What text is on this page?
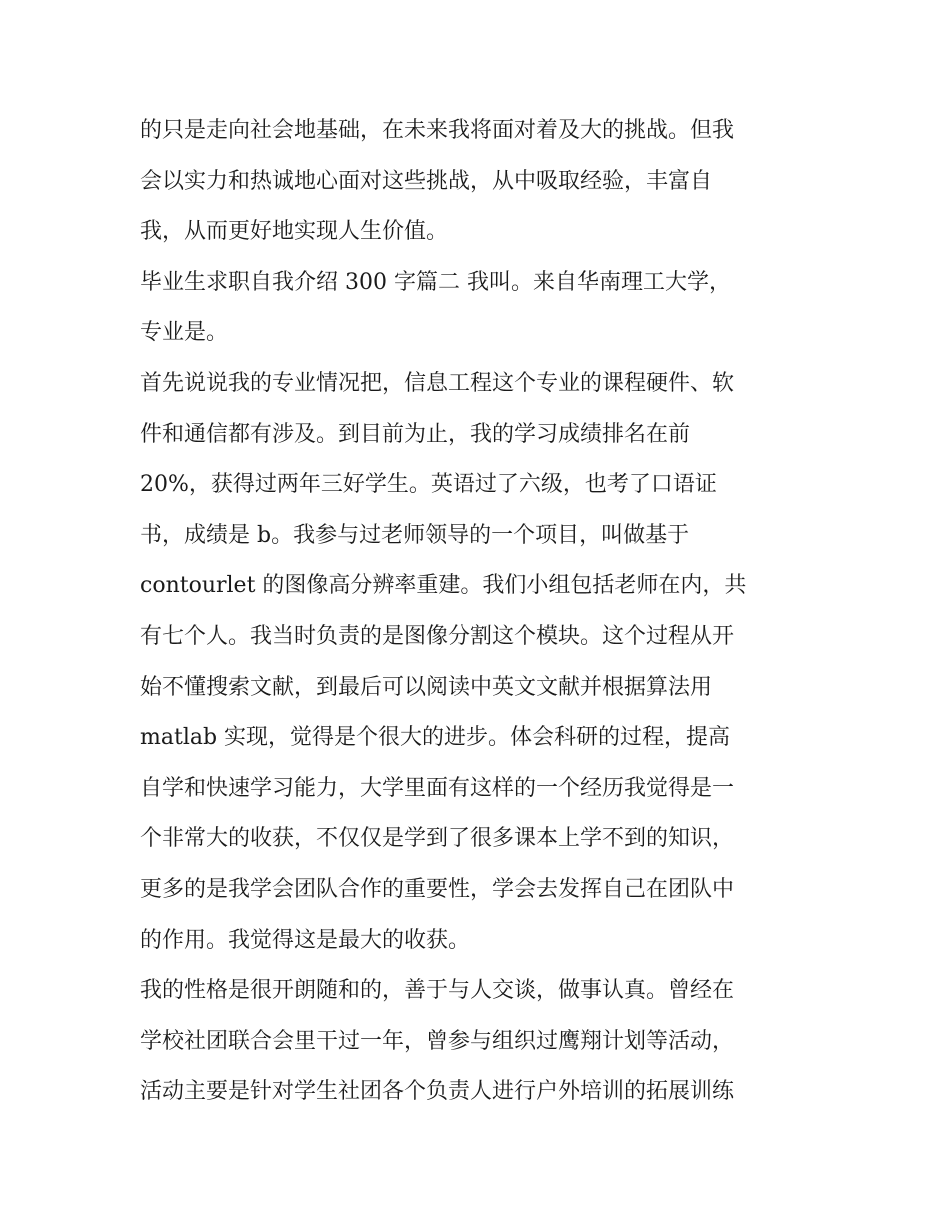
的只是走向社会地基础，在未来我将面对着及大的挑战。但我
会以实力和热诚地心面对这些挑战，从中吸取经验，丰富自
我，从而更好地实现人生价值。
毕业生求职自我介绍 300 字篇二 我叫。来自华南理工大学，
专业是。
首先说说我的专业情况把，信息工程这个专业的课程硬件、软
件和通信都有涉及。到目前为止，我的学习成绩排名在前
20%，获得过两年三好学生。英语过了六级，也考了口语证
书，成绩是 b。我参与过老师领导的一个项目，叫做基于
contourlet 的图像高分辨率重建。我们小组包括老师在内，共
有七个人。我当时负责的是图像分割这个模块。这个过程从开
始不懂搜索文献，到最后可以阅读中英文文献并根据算法用
matlab 实现，觉得是个很大的进步。体会科研的过程，提高
自学和快速学习能力，大学里面有这样的一个经历我觉得是一
个非常大的收获，不仅仅是学到了很多课本上学不到的知识，
更多的是我学会团队合作的重要性，学会去发挥自己在团队中
的作用。我觉得这是最大的收获。
我的性格是很开朗随和的，善于与人交谈，做事认真。曾经在
学校社团联合会里干过一年，曾参与组织过鹰翔计划等活动，
活动主要是针对学生社团各个负责人进行户外培训的拓展训练
